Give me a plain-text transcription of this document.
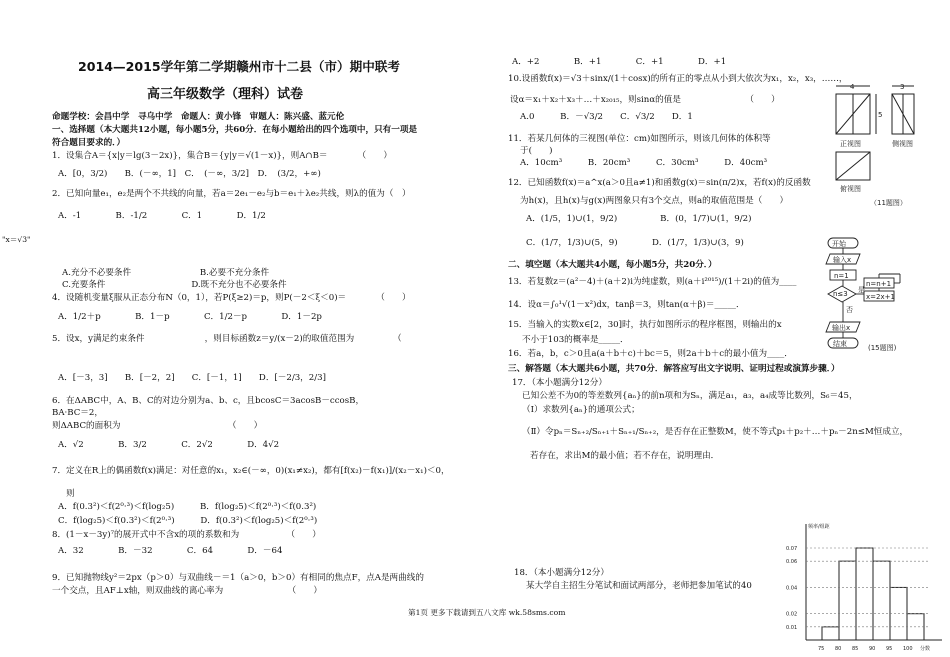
2014—2015学年第二学期赣州市十二县（市）期中联考
高三年级数学（理科）试卷
命题学校：会昌中学　寻乌中学　命题人：黄小锋　审题人：陈兴盛、蓝元伦
一、选择题（本大题共12小题，每小题5分，共60分．在每小题给出的四个选项中，只有一项是
符合题目要求的．）
1．设集合A＝{x|y＝lg(3－2x)}，集合B＝{y|y＝√(1－x)}，则A∩B＝　　　　（　　）
A．[0，3/2)　　B．(－∞，1]　C．　(－∞，3/2]　D．　(3/2，+∞)
2．已知向量e₁，e₂是两个不共线的向量，若a＝2e₁－e₂与b＝e₁＋λe₂共线，则λ的值为（　）
A．-1　　　　B．-1/2　　　　C．1　　　　D．1/2
"x＝√3"
A.充分不必要条件　　　　　　　　B.必要不充分条件
C.充要条件　　　　　　　　　　D.既不充分也不必要条件
4．设随机变量ξ服从正态分布N（0，1），若P(ξ≥2)＝p，则P(－2＜ξ＜0)＝　　　　（　　）
A．1/2＋p　　　　B．1－p　　　　C．1/2－p　　　　D．1－2p
5．设x，y满足约束条件　　　　　　　，则目标函数z＝y/(x－2)的取值范围为　　　　　（
A．[－3，3]　　B．[－2，2]　　C．[－1，1]　　D．[－2/3，2/3]
6．在ΔABC中，A、B、C的对边分别为a、b、c，且bcosC＝3acosB－ccosB，
BA·BC＝2，
则ΔABC的面积为　　　　　　　　　　　　　（　　）
A．√2　　　　B．3/2　　　　C．2√2　　　　D．4√2
7．定义在R上的偶函数f(x)满足：对任意的x₁，x₂∈(－∞，0)(x₁≠x₂)，都有[f(x₂)－f(x₁)]/(x₂－x₁)＜0，
则
A．f(0.3²)＜f(2⁰·³)＜f(log₂5)　　　B．f(log₂5)＜f(2⁰·³)＜f(0.3²)
C．f(log₂5)＜f(0.3²)＜f(2⁰·³)　　　D．f(0.3²)＜f(log₂5)＜f(2⁰·³)
8．(1－x－3y)⁷的展开式中不含x的项的系数和为　　　　　　（　　）
A．32　　　　B．－32　　　　C．64　　　　D．－64
9．已知抛物线y²＝2px（p＞0）与双曲线－＝1（a＞0，b＞0）有相同的焦点F，点A是两曲线的
一个交点，且AF⊥x轴，则双曲线的离心率为　　　　　　　　（　　）
A．+2　　　　B．+1　　　　C．+1　　　　D．+1
10.设函数f(x)＝√3＋sinx/(1＋cosx)的所有正的零点从小到大依次为x₁，x₂，x₃，……，
设α＝x₁＋x₂＋x₃＋…＋x₂₀₁₅，则sinα的值是　　　　　　　　（　　）
A.0　　　B．－√3/2　　C．√3/2　　D．1
11．若某几何体的三视图(单位：cm)如图所示，则该几何体的体积等
于(　　)
A．10cm³　　　B．20cm³　　　C．30cm³　　　D．40cm³
12．已知函数f(x)＝a^x(a＞0且a≠1)和函数g(x)＝sin(π/2)x，若f(x)的反函数
为h(x)，且h(x)与g(x)两图象只有3个交点，则a的取值范围是（　　）
A．(1/5，1)∪(1，9/2)　　　　　B．(0，1/7)∪(1，9/2)
C．(1/7，1/3)∪(5，9)　　　　D．(1/7，1/3)∪(3，9)
二、填空题（本大题共4小题，每小题5分，共20分．）
13．若复数z＝(a²－4)＋(a＋2)i为纯虚数，则(a＋i²⁰¹⁵)/(1＋2i)的值为____
14．设α＝∫₀¹√(1－x²)dx，tanβ＝3，则tan(α＋β)＝_____．
15．当输入的实数x∈[2，30]时，执行如图所示的程序框图，则输出的x
不小于103的概率是_____．
16．若a，b，c＞0且a(a＋b＋c)＋bc＝5，则2a＋b＋c的最小值为____．
三、解答题（本大题共6小题，共70分．解答应写出文字说明、证明过程或演算步骤．）
17．（本小题满分12分）
已知公差不为0的等差数列{aₙ}的前n项和为Sₙ，满足a₁，a₃，a₄成等比数列，S₆＝45，
（Ⅰ）求数列{aₙ}的通项公式；
（Ⅱ）令pₙ＝Sₙ₊₂/Sₙ₊₁＋Sₙ₊₁/Sₙ₊₂，是否存在正整数M，使不等式p₁＋p₂＋…＋pₙ－2n≤M恒成立，
若存在，求出M的最小值；若不存在，说明理由．
18．（本小题满分12分）
某大学自主招生分笔试和面试两部分，老师把参加笔试的40
第1页 更多下载请到五八文库 wk.58sms.com
4	3
5
正视图	侧视图
俯视图
（11题图）
开始
输入x
n=1
n≤3 是
否
n=n+1
x=2x+1
输出x
结束	(15题图)
频率/组距
分数
0.07
0.06
0.04
0.02
0.01
75 80 85 90 95 100
